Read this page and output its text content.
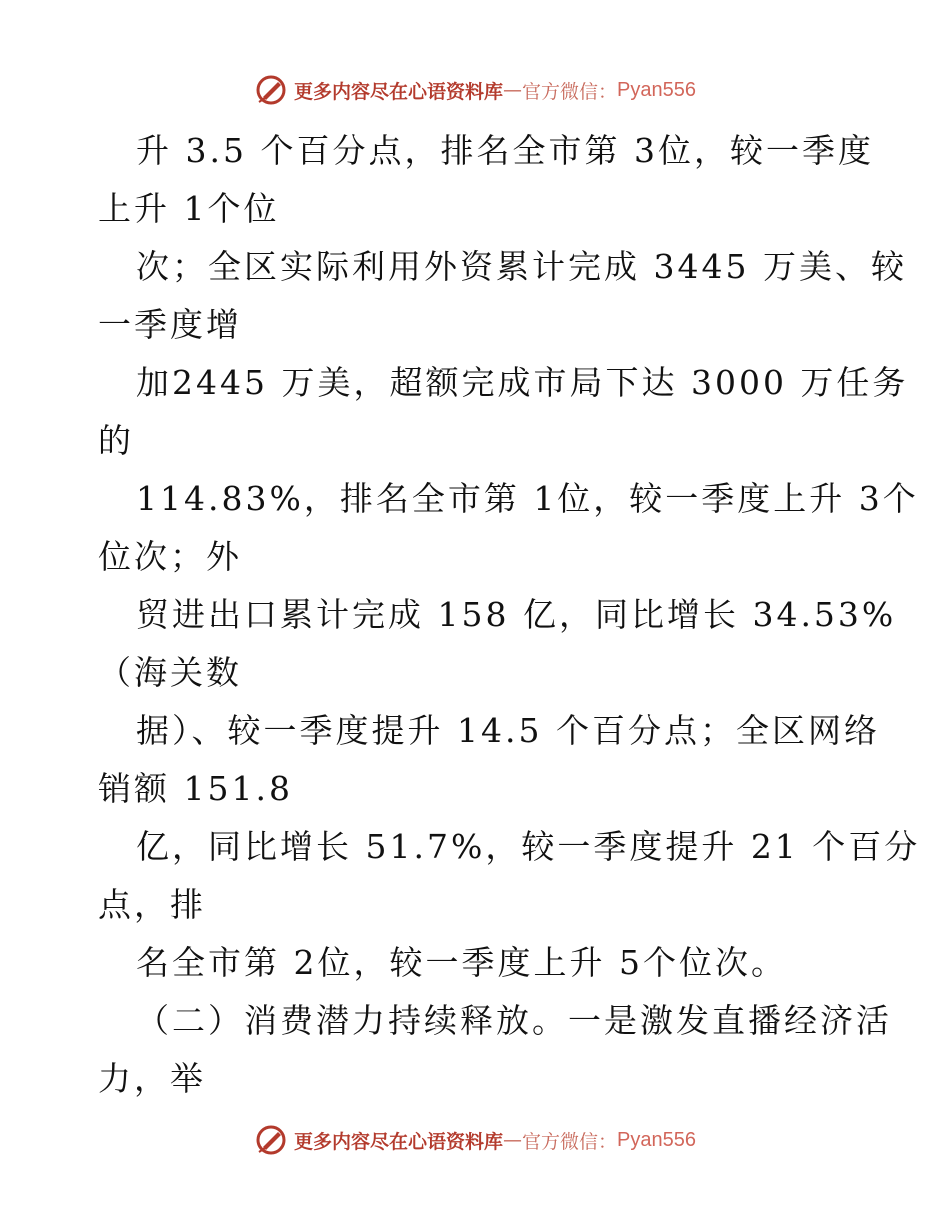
更多内容尽在心语资料库 — 官方微信： Pyan556
升 3.5 个百分点，排名全市第 3位，较一季度
上升 1个位
次；全区实际利用外资累计完成 3445 万美、较
一季度增
加2445 万美，超额完成市局下达 3000 万任务
的
114.83%，排名全市第 1位，较一季度上升 3个
位次；外
贸进出口累计完成 158 亿，同比增长 34.53%
（海关数
据）、较一季度提升 14.5 个百分点；全区网络
销额 151.8
亿，同比增长 51.7%，较一季度提升 21 个百分
点，排
名全市第 2位，较一季度上升 5个位次。
（二）消费潜力持续释放。一是激发直播经济活
力，举
更多内容尽在心语资料库 — 官方微信： Pyan556
